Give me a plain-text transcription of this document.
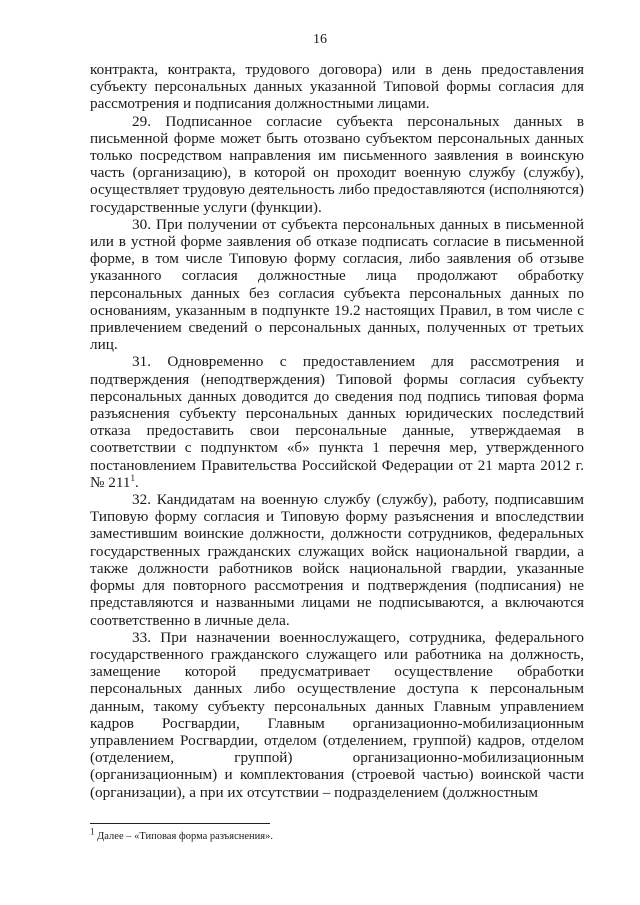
16

контракта, контракта, трудового договора) или в день предоставления субъекту персональных данных указанной Типовой формы согласия для рассмотрения и подписания должностными лицами.

29. Подписанное согласие субъекта персональных данных в письменной форме может быть отозвано субъектом персональных данных только посредством направления им письменного заявления в воинскую часть (организацию), в которой он проходит военную службу (службу), осуществляет трудовую деятельность либо предоставляются (исполняются) государственные услуги (функции).

30. При получении от субъекта персональных данных в письменной или в устной форме заявления об отказе подписать согласие в письменной форме, в том числе Типовую форму согласия, либо заявления об отзыве указанного согласия должностные лица продолжают обработку персональных данных без согласия субъекта персональных данных по основаниям, указанным в подпункте 19.2 настоящих Правил, в том числе с привлечением сведений о персональных данных, полученных от третьих лиц.

31. Одновременно с предоставлением для рассмотрения и подтверждения (неподтверждения) Типовой формы согласия субъекту персональных данных доводится до сведения под подпись типовая форма разъяснения субъекту персональных данных юридических последствий отказа предоставить свои персональные данные, утверждаемая в соответствии с подпунктом «б» пункта 1 перечня мер, утвержденного постановлением Правительства Российской Федерации от 21 марта 2012 г. № $211^1$.

32. Кандидатам на военную службу (службу), работу, подписавшим Типовую форму согласия и Типовую форму разъяснения и впоследствии заместившим воинские должности, должности сотрудников, федеральных государственных гражданских служащих войск национальной гвардии, а также должности работников войск национальной гвардии, указанные формы для повторного рассмотрения и подтверждения (подписания) не представляются и названными лицами не подписываются, а включаются соответственно в личные дела.

33. При назначении военнослужащего, сотрудника, федерального государственного гражданского служащего или работника на должность, замещение которой предусматривает осуществление обработки персональных данных либо осуществление доступа к персональным данным, такому субъекту персональных данных Главным управлением кадров Росгвардии, Главным организационно-мобилизационным управлением Росгвардии, отделом (отделением, группой) кадров, отделом (отделением, группой) организационно-мобилизационным (организационным) и комплектования (строевой частью) воинской части (организации), а при их отсутствии – подразделением (должностным

$^1$ Далее – «Типовая форма разъяснения».
